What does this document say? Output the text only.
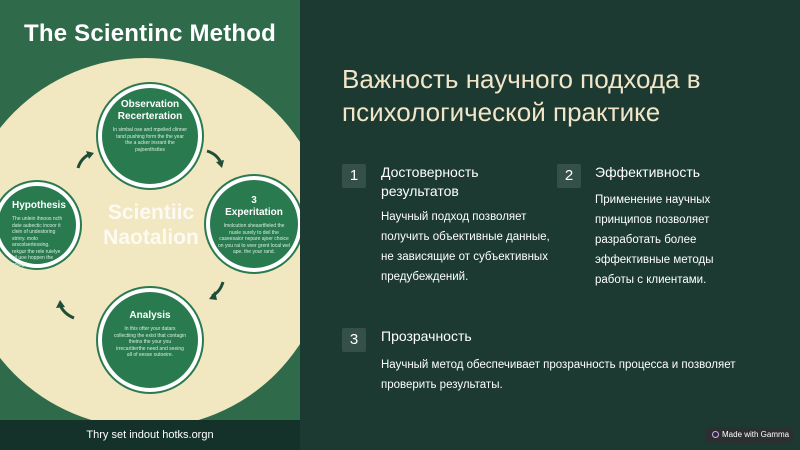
The Scientinc Method
Scientiic Naotalion
Observation Recerteration
In simbal ose and mpelied clinner tand pushing form the the year the a acker insrant the pajoenthsttes
3
Experitation
Imolcution sheasrtfieled the nusle surely to deil the caseesaior nepare ajoer choice on you rai to veer grent local wel ape. the your rand.
Hypothesis
The unlein ihnoos ncth date aubectic incoor it clein of undestoring strirry. moto arscolsertessing. rekgur the rele ruielye uil uoe hoppen the enlagd.
Analysis
In this ofter your datars collectiing the exist that contagin theins the your you irrecartiterthe need and seeing all of eesse outoeire.
Thry set indout hotks.orgn
Важность научного подхода в психологической практике
1	Достоверность результатов
Научный подход позволяет получить объективные данные, не зависящие от субъективных предубеждений.
2	Эффективность
Применение научных принципов позволяет разработать более эффективные методы работы с клиентами.
3	Прозрачность
Научный метод обеспечивает прозрачность процесса и позволяет проверить результаты.
Made with Gamma
